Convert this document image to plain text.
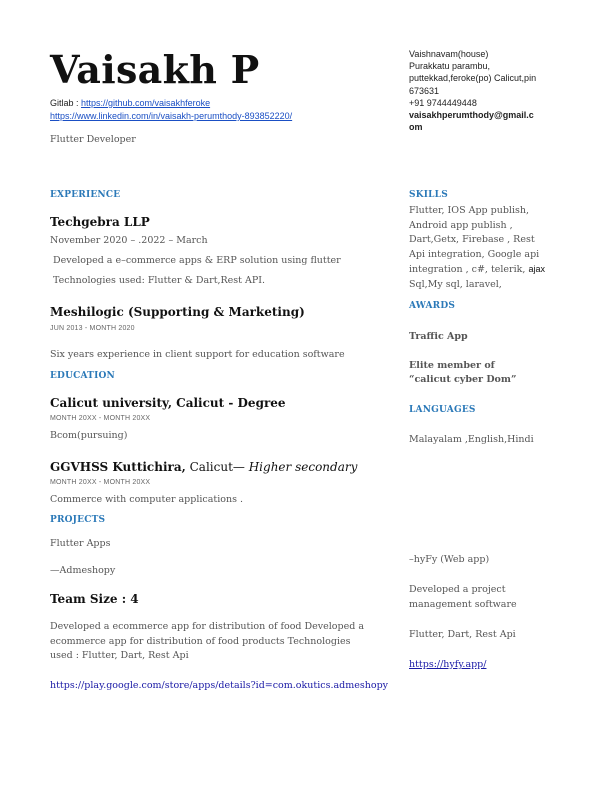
Vaisakh P
Gitlab : https://github.com/vaisakhferoke
https://www.linkedin.com/in/vaisakh-perumthody-893852220/
Flutter Developer
Vaishnavam(house)
Purakkatu parambu,
puttekkad,feroke(po) Calicut,pin
673631
+91 9744449448
vaisakhperumthody@gmail.c
om
EXPERIENCE
Techgebra LLP
November 2020 – .2022 – March
Developed a e–commerce apps & ERP solution using flutter
Technologies used: Flutter & Dart,Rest API.
Meshilogic (Supporting & Marketing)
JUN 2013 - MONTH 2020
Six years experience in client support for education software
EDUCATION
Calicut university, Calicut - Degree
MONTH 20XX - MONTH 20XX
Bcom(pursuing)
GGVHSS Kuttichira, Calicut— Higher secondary
MONTH 20XX - MONTH 20XX
Commerce with computer applications .
PROJECTS
Flutter Apps
—Admeshopy
Team Size : 4
Developed a ecommerce app for distribution of food Developed a ecommerce app for distribution of food products Technologies used : Flutter, Dart, Rest Api
https://play.google.com/store/apps/details?id=com.okutics.admeshopy
SKILLS
Flutter, IOS App publish, Android app publish , Dart,Getx, Firebase , Rest Api integration, Google api integration , c#, telerik, ajax Sql,My sql, laravel,
AWARDS
Traffic App
Elite member of “calicut cyber Dom”
LANGUAGES
Malayalam ,English,Hindi
–hyFy (Web app)
Developed a project management software
Flutter, Dart, Rest Api
https://hyfy.app/
